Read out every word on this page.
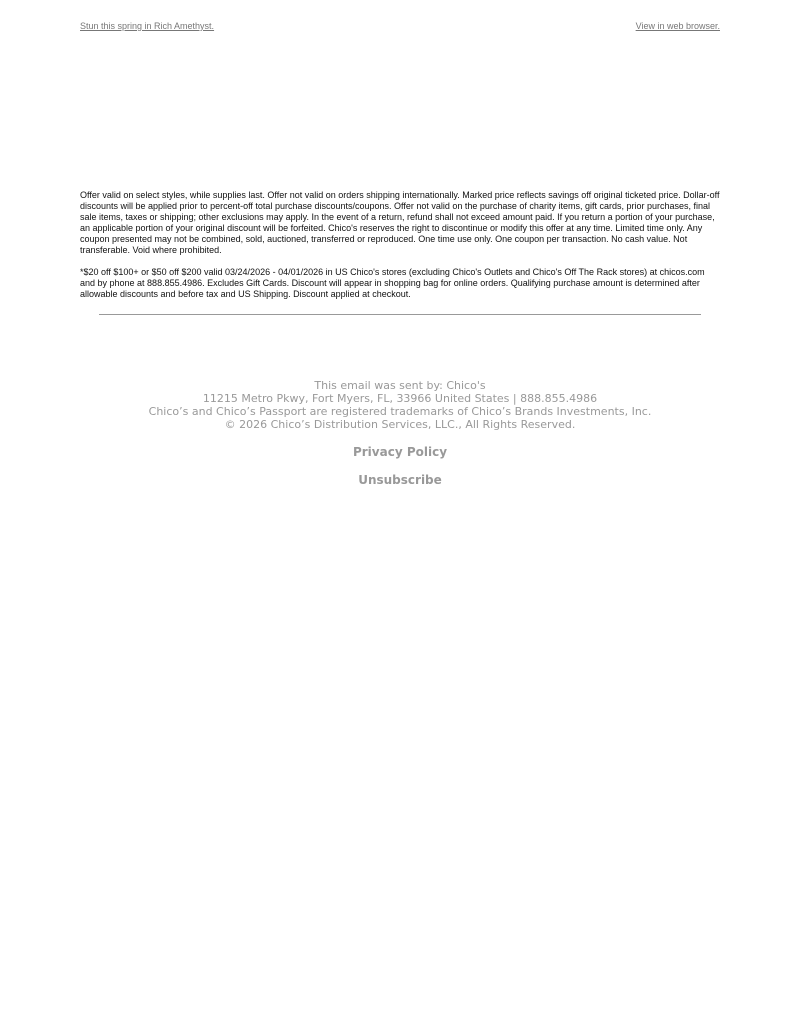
Stun this spring in Rich Amethyst.	View in web browser.

Offer valid on select styles, while supplies last. Offer not valid on orders shipping internationally. Marked price reflects savings off original ticketed price. Dollar-off discounts will be applied prior to percent-off total purchase discounts/coupons. Offer not valid on the purchase of charity items, gift cards, prior purchases, final sale items, taxes or shipping; other exclusions may apply. In the event of a return, refund shall not exceed amount paid. If you return a portion of your purchase, an applicable portion of your original discount will be forfeited. Chico's reserves the right to discontinue or modify this offer at any time. Limited time only. Any coupon presented may not be combined, sold, auctioned, transferred or reproduced. One time use only. One coupon per transaction. No cash value. Not transferable. Void where prohibited.

*$20 off $100+ or $50 off $200 valid 03/24/2026 - 04/01/2026 in US Chico's stores (excluding Chico's Outlets and Chico's Off The Rack stores) at chicos.com and by phone at 888.855.4986. Excludes Gift Cards. Discount will appear in shopping bag for online orders. Qualifying purchase amount is determined after allowable discounts and before tax and US Shipping. Discount applied at checkout.

This email was sent by: Chico's
11215 Metro Pkwy, Fort Myers, FL, 33966 United States | 888.855.4986
Chico’s and Chico’s Passport are registered trademarks of Chico’s Brands Investments, Inc.
© 2026 Chico’s Distribution Services, LLC., All Rights Reserved.
Privacy Policy
Unsubscribe
